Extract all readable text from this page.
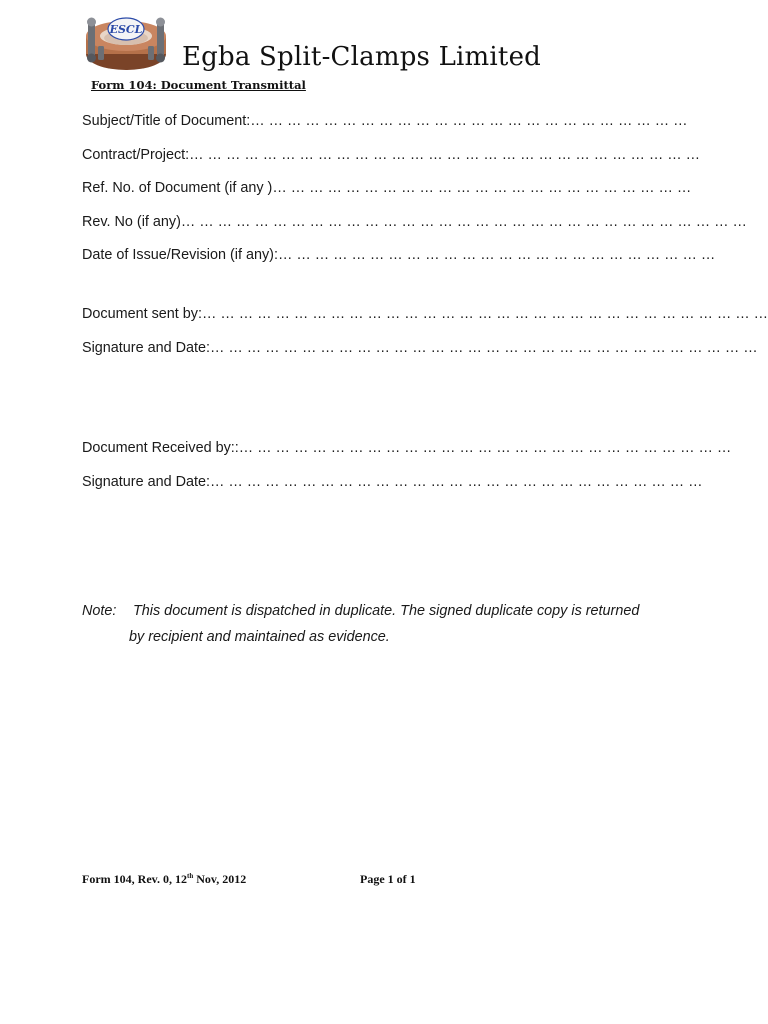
ESCL
Egba Split-Clamps Limited
Form 104: Document Transmittal
Subject/Title of Document:… … … … … … … … … … … … … … … … … … … … … … … …
Contract/Project:… … … … … … … … … … … … … … … … … … … … … … … … … … … …
Ref. No. of Document (if any )… … … … … … … … … … … … … … … … … … … … … … …
Rev. No (if any)… … … … … … … … … … … … … … … … … … … … … … … … … … … … … … …
Date of Issue/Revision (if any):… … … … … … … … … … … … … … … … … … … … … … … …
Document sent by:… … … … … … … … … … … … … … … … … … … … … … … … … … … … … … …
Signature and Date:… … … … … … … … … … … … … … … … … … … … … … … … … … … … … …
Document Received by::… … … … … … … … … … … … … … … … … … … … … … … … … … …
Signature and Date:… … … … … … … … … … … … … … … … … … … … … … … … … … …
Note: This document is dispatched in duplicate. The signed duplicate copy is returned
by recipient and maintained as evidence.
Form 104, Rev. 0, 12th Nov, 2012	Page 1 of 1
